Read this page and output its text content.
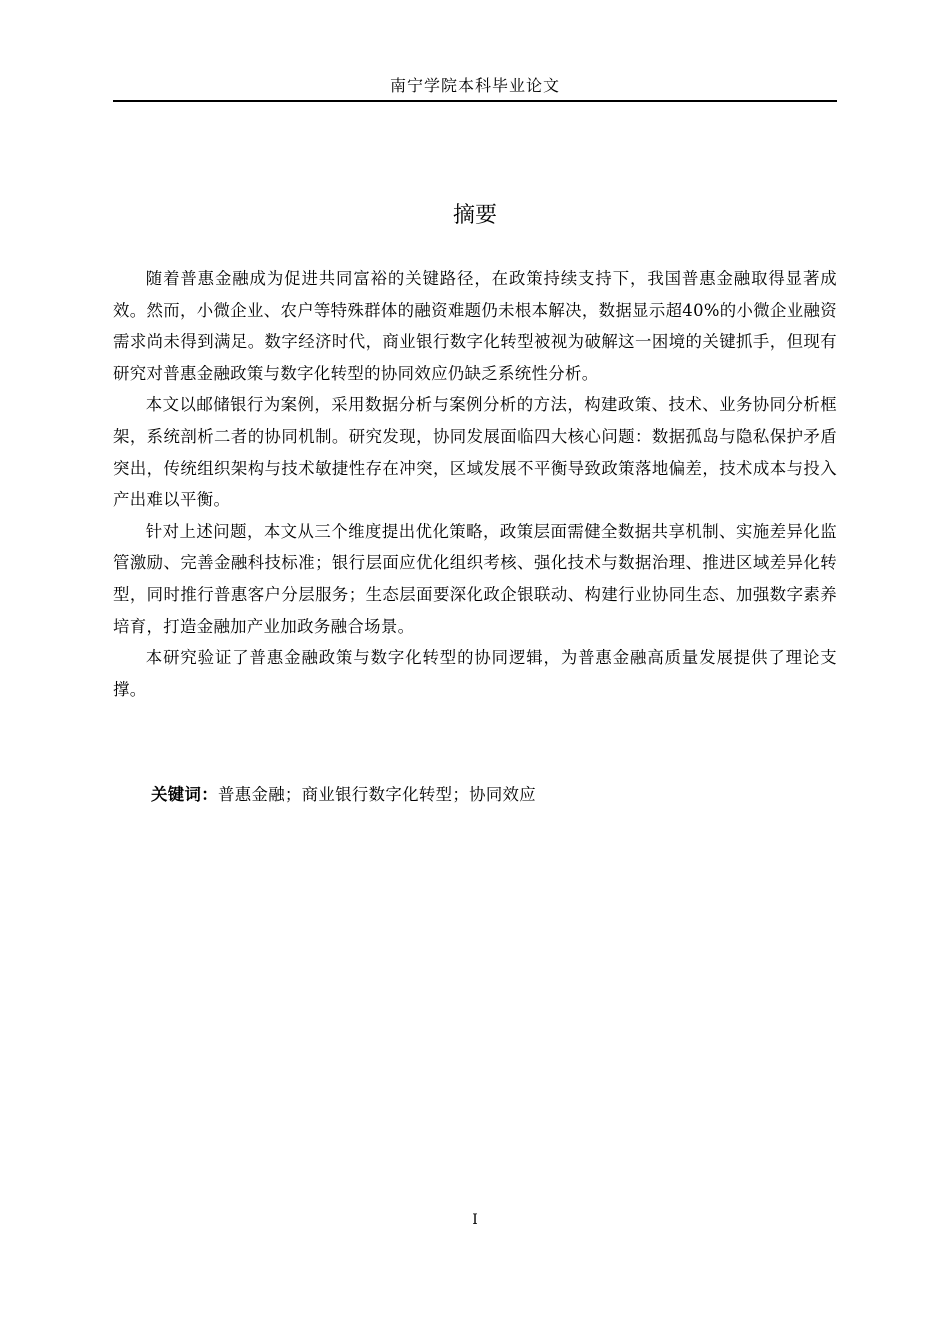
南宁学院本科毕业论文
摘要

随着普惠金融成为促进共同富裕的关键路径，在政策持续支持下，我国普惠金融取得显著成效。然而，小微企业、农户等特殊群体的融资难题仍未根本解决，数据显示超40%的小微企业融资需求尚未得到满足。数字经济时代，商业银行数字化转型被视为破解这一困境的关键抓手，但现有研究对普惠金融政策与数字化转型的协同效应仍缺乏系统性分析。

本文以邮储银行为案例，采用数据分析与案例分析的方法，构建政策、技术、业务协同分析框架，系统剖析二者的协同机制。研究发现，协同发展面临四大核心问题：数据孤岛与隐私保护矛盾突出，传统组织架构与技术敏捷性存在冲突，区域发展不平衡导致政策落地偏差，技术成本与投入产出难以平衡。

针对上述问题，本文从三个维度提出优化策略，政策层面需健全数据共享机制、实施差异化监管激励、完善金融科技标准；银行层面应优化组织考核、强化技术与数据治理、推进区域差异化转型，同时推行普惠客户分层服务；生态层面要深化政企银联动、构建行业协同生态、加强数字素养培育，打造金融加产业加政务融合场景。

本研究验证了普惠金融政策与数字化转型的协同逻辑，为普惠金融高质量发展提供了理论支撑。

关键词：普惠金融；商业银行数字化转型；协同效应
I
